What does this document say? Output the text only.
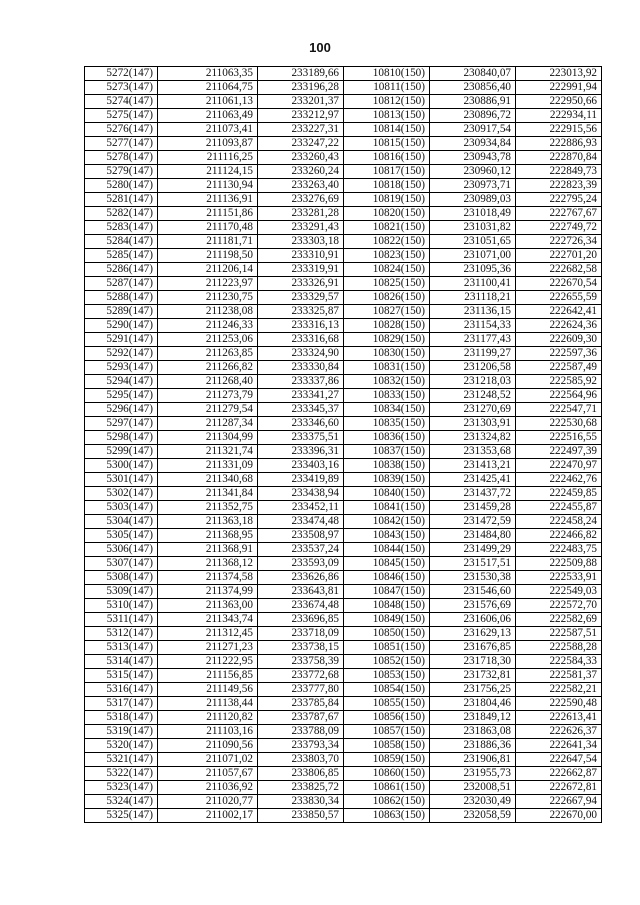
100
5272(147)	211063,35	233189,66	10810(150)	230840,07	223013,92
5273(147)	211064,75	233196,28	10811(150)	230856,40	222991,94
5274(147)	211061,13	233201,37	10812(150)	230886,91	222950,66
5275(147)	211063,49	233212,97	10813(150)	230896,72	222934,11
5276(147)	211073,41	233227,31	10814(150)	230917,54	222915,56
5277(147)	211093,87	233247,22	10815(150)	230934,84	222886,93
5278(147)	211116,25	233260,43	10816(150)	230943,78	222870,84
5279(147)	211124,15	233260,24	10817(150)	230960,12	222849,73
5280(147)	211130,94	233263,40	10818(150)	230973,71	222823,39
5281(147)	211136,91	233276,69	10819(150)	230989,03	222795,24
5282(147)	211151,86	233281,28	10820(150)	231018,49	222767,67
5283(147)	211170,48	233291,43	10821(150)	231031,82	222749,72
5284(147)	211181,71	233303,18	10822(150)	231051,65	222726,34
5285(147)	211198,50	233310,91	10823(150)	231071,00	222701,20
5286(147)	211206,14	233319,91	10824(150)	231095,36	222682,58
5287(147)	211223,97	233326,91	10825(150)	231100,41	222670,54
5288(147)	211230,75	233329,57	10826(150)	231118,21	222655,59
5289(147)	211238,08	233325,87	10827(150)	231136,15	222642,41
5290(147)	211246,33	233316,13	10828(150)	231154,33	222624,36
5291(147)	211253,06	233316,68	10829(150)	231177,43	222609,30
5292(147)	211263,85	233324,90	10830(150)	231199,27	222597,36
5293(147)	211266,82	233330,84	10831(150)	231206,58	222587,49
5294(147)	211268,40	233337,86	10832(150)	231218,03	222585,92
5295(147)	211273,79	233341,27	10833(150)	231248,52	222564,96
5296(147)	211279,54	233345,37	10834(150)	231270,69	222547,71
5297(147)	211287,34	233346,60	10835(150)	231303,91	222530,68
5298(147)	211304,99	233375,51	10836(150)	231324,82	222516,55
5299(147)	211321,74	233396,31	10837(150)	231353,68	222497,39
5300(147)	211331,09	233403,16	10838(150)	231413,21	222470,97
5301(147)	211340,68	233419,89	10839(150)	231425,41	222462,76
5302(147)	211341,84	233438,94	10840(150)	231437,72	222459,85
5303(147)	211352,75	233452,11	10841(150)	231459,28	222455,87
5304(147)	211363,18	233474,48	10842(150)	231472,59	222458,24
5305(147)	211368,95	233508,97	10843(150)	231484,80	222466,82
5306(147)	211368,91	233537,24	10844(150)	231499,29	222483,75
5307(147)	211368,12	233593,09	10845(150)	231517,51	222509,88
5308(147)	211374,58	233626,86	10846(150)	231530,38	222533,91
5309(147)	211374,99	233643,81	10847(150)	231546,60	222549,03
5310(147)	211363,00	233674,48	10848(150)	231576,69	222572,70
5311(147)	211343,74	233696,85	10849(150)	231606,06	222582,69
5312(147)	211312,45	233718,09	10850(150)	231629,13	222587,51
5313(147)	211271,23	233738,15	10851(150)	231676,85	222588,28
5314(147)	211222,95	233758,39	10852(150)	231718,30	222584,33
5315(147)	211156,85	233772,68	10853(150)	231732,81	222581,37
5316(147)	211149,56	233777,80	10854(150)	231756,25	222582,21
5317(147)	211138,44	233785,84	10855(150)	231804,46	222590,48
5318(147)	211120,82	233787,67	10856(150)	231849,12	222613,41
5319(147)	211103,16	233788,09	10857(150)	231863,08	222626,37
5320(147)	211090,56	233793,34	10858(150)	231886,36	222641,34
5321(147)	211071,02	233803,70	10859(150)	231906,81	222647,54
5322(147)	211057,67	233806,85	10860(150)	231955,73	222662,87
5323(147)	211036,92	233825,72	10861(150)	232008,51	222672,81
5324(147)	211020,77	233830,34	10862(150)	232030,49	222667,94
5325(147)	211002,17	233850,57	10863(150)	232058,59	222670,00
